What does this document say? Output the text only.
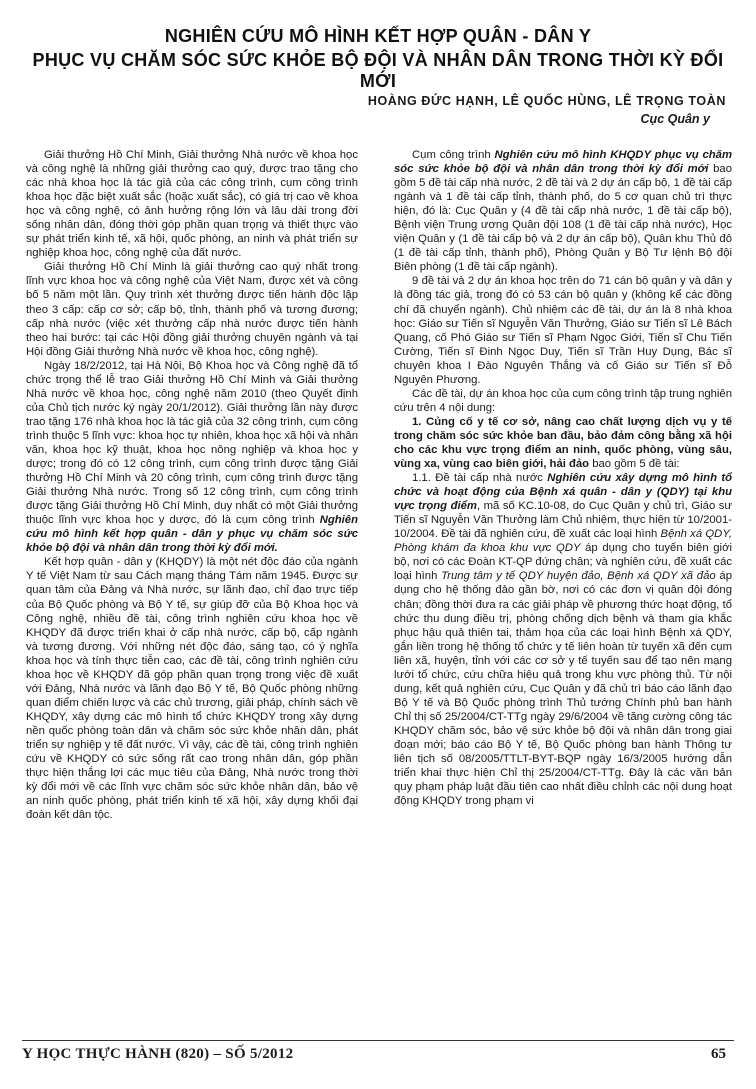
NGHIÊN CỨU MÔ HÌNH KẾT HỢP QUÂN - DÂN Y
PHỤC VỤ CHĂM SÓC SỨC KHỎE BỘ ĐỘI VÀ NHÂN DÂN TRONG THỜI KỲ ĐỔI MỚI
HOÀNG ĐỨC HẠNH, LÊ QUỐC HÙNG, LÊ TRỌNG TOÀN
Cục Quân y

Giải thưởng Hồ Chí Minh, Giải thưởng Nhà nước về khoa học và công nghệ là những giải thưởng cao quý, được trao tặng cho các nhà khoa học là tác giả của các công trình, cụm công trình khoa học đặc biệt xuất sắc (hoặc xuất sắc), có giá trị cao về khoa học và công nghệ, có ảnh hưởng rộng lớn và lâu dài trong đời sống nhân dân, đóng thời góp phần quan trọng và thiết thực vào sự phát triển kinh tế, xã hội, quốc phòng, an ninh và phát triển sự nghiệp khoa học, công nghệ của đất nước.

Giải thưởng Hồ Chí Minh là giải thưởng cao quý nhất trong lĩnh vực khoa học và công nghệ của Việt Nam, được xét và công bố 5 năm một lần. Quy trình xét thưởng được tiến hành độc lập theo 3 cấp: cấp cơ sở; cấp bộ, tỉnh, thành phố và tương đương; cấp nhà nước (việc xét thưởng cấp nhà nước được tiến hành theo hai bước: tại các Hội đồng giải thưởng chuyên ngành và tại Hội đồng Giải thưởng Nhà nước về khoa học, công nghệ).

Ngày 18/2/2012, tại Hà Nội, Bộ Khoa học và Công nghệ đã tổ chức trọng thể lễ trao Giải thưởng Hồ Chí Minh và Giải thưởng Nhà nước về khoa học, công nghệ năm 2010 (theo Quyết định của Chủ tịch nước ký ngày 20/1/2012). Giải thưởng lần này được trao tặng 176 nhà khoa học là tác giả của 32 công trình, cụm công trình thuộc 5 lĩnh vực: khoa học tự nhiên, khoa học xã hội và nhân văn, khoa học kỹ thuật, khoa học nông nghiệp và khoa học y dược; trong đó có 12 công trình, cụm công trình được tặng Giải thưởng Hồ Chí Minh và 20 công trình, cụm công trình được tặng Giải thưởng Nhà nước. Trong số 12 công trình, cụm công trình được tặng Giải thưởng Hồ Chí Minh, duy nhất có một Giải thưởng thuộc lĩnh vực khoa học y dược, đó là cụm công trình Nghiên cứu mô hình kết hợp quân - dân y phục vụ chăm sóc sức khỏe bộ đội và nhân dân trong thời kỳ đổi mới.

Kết hợp quân - dân y (KHQDY) là một nét độc đáo của ngành Y tế Việt Nam từ sau Cách mạng tháng Tám năm 1945. Được sự quan tâm của Đảng và Nhà nước, sự lãnh đạo, chỉ đạo trực tiếp của Bộ Quốc phòng và Bộ Y tế, sự giúp đỡ của Bộ Khoa học và Công nghệ, nhiều đề tài, công trình nghiên cứu khoa học về KHQDY đã được triển khai ở cấp nhà nước, cấp bộ, cấp ngành và tương đương. Với những nét độc đáo, sáng tạo, có ý nghĩa khoa học và tính thực tiễn cao, các đề tài, công trình nghiên cứu khoa học về KHQDY đã góp phần quan trọng trong việc đề xuất với Đảng, Nhà nước và lãnh đạo Bộ Y tế, Bộ Quốc phòng những quan điểm chiến lược và các chủ trương, giải pháp, chính sách về KHQDY, xây dựng các mô hình tổ chức KHQDY trong xây dựng nền quốc phòng toàn dân và chăm sóc sức khỏe nhân dân, phát triển sự nghiệp y tế đất nước. Vì vậy, các đề tài, công trình nghiên cứu về KHQDY có sức sống rất cao trong nhân dân, góp phần thực hiện thắng lợi các mục tiêu của Đảng, Nhà nước trong thời kỳ đổi mới về các lĩnh vực chăm sóc sức khỏe nhân dân, bảo vệ an ninh quốc phòng, phát triển kinh tế xã hội, xây dựng khối đại đoàn kết dân tộc.

Cụm công trình Nghiên cứu mô hình KHQDY phục vụ chăm sóc sức khỏe bộ đội và nhân dân trong thời kỳ đổi mới bao gồm 5 đề tài cấp nhà nước, 2 đề tài và 2 dự án cấp bộ, 1 đề tài cấp ngành và 1 đề tài cấp tỉnh, thành phố, do 5 cơ quan chủ trì thực hiện, đó là: Cục Quân y (4 đề tài cấp nhà nước, 1 đề tài cấp bộ), Bệnh viện Trung ương Quân đội 108 (1 đề tài cấp nhà nước), Học viện Quân y (1 đề tài cấp bộ và 2 dự án cấp bộ), Quân khu Thủ đô (1 đề tài cấp tỉnh, thành phố), Phòng Quân y Bộ Tư lệnh Bộ đội Biên phòng (1 đề tài cấp ngành).

9 đề tài và 2 dự án khoa học trên do 71 cán bộ quân y và dân y là đồng tác giả, trong đó có 53 cán bộ quân y (không kể các đồng chí đã chuyển ngành). Chủ nhiệm các đề tài, dự án là 8 nhà khoa học: Giáo sư Tiến sĩ Nguyễn Văn Thưởng, Giáo sư Tiến sĩ Lê Bách Quang, cố Phó Giáo sư Tiến sĩ Phạm Ngọc Giới, Tiến sĩ Chu Tiến Cường, Tiến sĩ Đinh Ngọc Duy, Tiến sĩ Trần Huy Dụng, Bác sĩ chuyên khoa I Đào Nguyên Thắng và cố Giáo sư Tiến sĩ Đỗ Nguyên Phương.

Các đề tài, dự án khoa học của cụm công trình tập trung nghiên cứu trên 4 nội dung:

1. Củng cố y tế cơ sở, nâng cao chất lượng dịch vụ y tế trong chăm sóc sức khỏe ban đầu, bảo đảm công bằng xã hội cho các khu vực trọng điểm an ninh, quốc phòng, vùng sâu, vùng xa, vùng cao biên giới, hải đảo bao gồm 5 đề tài:

1.1. Đề tài cấp nhà nước Nghiên cứu xây dựng mô hình tổ chức và hoạt động của Bệnh xá quân - dân y (QDY) tại khu vực trọng điểm, mã số KC.10-08, do Cục Quân y chủ trì, Giáo sư Tiến sĩ Nguyễn Văn Thưởng làm Chủ nhiệm, thực hiện từ 10/2001-10/2004. Đề tài đã nghiên cứu, đề xuất các loại hình Bệnh xá QDY, Phòng khám đa khoa khu vực QDY áp dụng cho tuyến biên giới bộ, nơi có các Đoàn KT-QP đứng chân; và nghiên cứu, đề xuất các loại hình Trung tâm y tế QDY huyện đảo, Bệnh xá QDY xã đảo áp dụng cho hệ thống đảo gần bờ, nơi có các đơn vị quân đội đóng chân; đồng thời đưa ra các giải pháp về phương thức hoạt động, tổ chức thu dung điều trị, phòng chống dịch bệnh và tham gia khắc phục hậu quả thiên tai, thảm họa của các loại hình Bệnh xá QDY, gắn liền trong hệ thống tổ chức y tế liên hoàn từ tuyến xã đến cụm liên xã, huyện, tỉnh với các cơ sở y tế tuyến sau để tạo nên mạng lưới tổ chức, cứu chữa hiệu quả trong khu vực phòng thủ. Từ nội dung, kết quả nghiên cứu, Cục Quân y đã chủ trì báo cáo lãnh đạo Bộ Y tế và Bộ Quốc phòng trình Thủ tướng Chính phủ ban hành Chỉ thị số 25/2004/CT-TTg ngày 29/6/2004 về tăng cường công tác KHQDY chăm sóc, bảo vệ sức khỏe bộ đội và nhân dân trong giai đoạn mới; báo cáo Bộ Y tế, Bộ Quốc phòng ban hành Thông tư liên tịch số 08/2005/TTLT-BYT-BQP ngày 16/3/2005 hướng dẫn triển khai thực hiện Chỉ thị 25/2004/CT-TTg. Đây là các văn bản quy phạm pháp luật đầu tiên cao nhất điều chỉnh các nội dung hoạt động KHQDY trong phạm vi

Y HỌC THỰC HÀNH (820) – SỐ 5/2012	65
